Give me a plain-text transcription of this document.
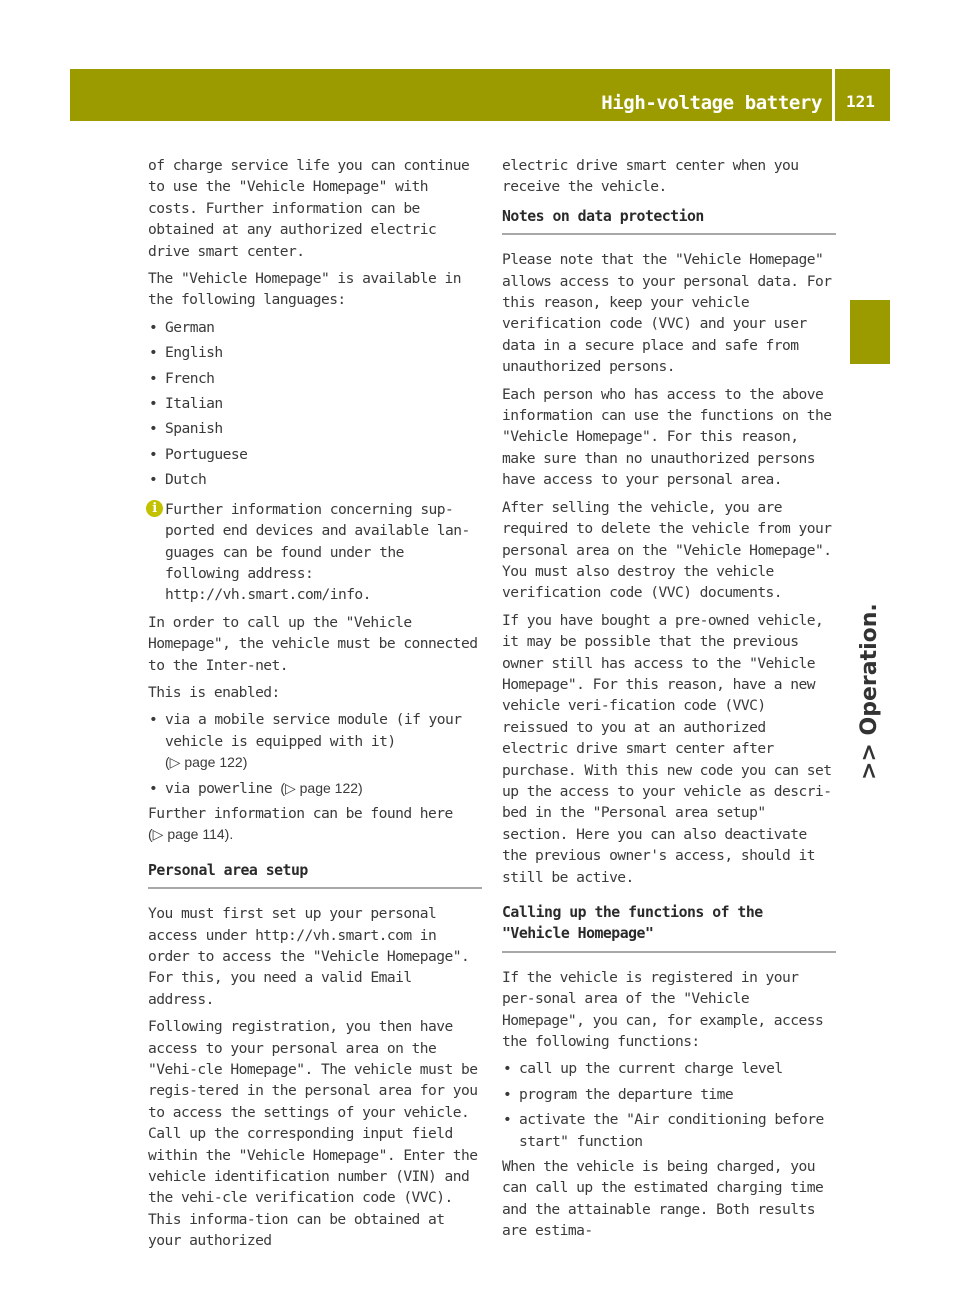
High-voltage battery 121
>> Operation.

of charge service life you can continue to use the "Vehicle Homepage" with costs. Further information can be obtained at any authorized electric drive smart center.

The "Vehicle Homepage" is available in the following languages:

• German
• English
• French
• Italian
• Spanish
• Portuguese
• Dutch
i Further information concerning sup-ported end devices and available lan-guages can be found under the following address: http://vh.smart.com/info.

In order to call up the "Vehicle Homepage", the vehicle must be connected to the Inter-net.

This is enabled:

• via a mobile service module (if your vehicle is equipped with it)
(▷ page 122)
• via powerline (▷ page 122)

Further information can be found here
(▷ page 114).

Personal area setup

You must first set up your personal access under http://vh.smart.com in order to access the "Vehicle Homepage". For this, you need a valid Email address.

Following registration, you then have access to your personal area on the "Vehi-cle Homepage". The vehicle must be regis-tered in the personal area for you to access the settings of your vehicle. Call up the corresponding input field within the "Vehicle Homepage". Enter the vehicle identification number (VIN) and the vehi-cle verification code (VVC). This informa-tion can be obtained at your authorized

electric drive smart center when you receive the vehicle.

Notes on data protection

Please note that the "Vehicle Homepage" allows access to your personal data. For this reason, keep your vehicle verification code (VVC) and your user data in a secure place and safe from unauthorized persons.

Each person who has access to the above information can use the functions on the "Vehicle Homepage". For this reason, make sure than no unauthorized persons have access to your personal area.

After selling the vehicle, you are required to delete the vehicle from your personal area on the "Vehicle Homepage". You must also destroy the vehicle verification code (VVC) documents.

If you have bought a pre-owned vehicle, it may be possible that the previous owner still has access to the "Vehicle Homepage". For this reason, have a new vehicle veri-fication code (VVC) reissued to you at an authorized electric drive smart center after purchase. With this new code you can set up the access to your vehicle as descri-bed in the "Personal area setup" section. Here you can also deactivate the previous owner's access, should it still be active.

Calling up the functions of the "Vehicle Homepage"

If the vehicle is registered in your per-sonal area of the "Vehicle Homepage", you can, for example, access the following functions:

• call up the current charge level
• program the departure time
• activate the "Air conditioning before start" function

When the vehicle is being charged, you can call up the estimated charging time and the attainable range. Both results are estima-
